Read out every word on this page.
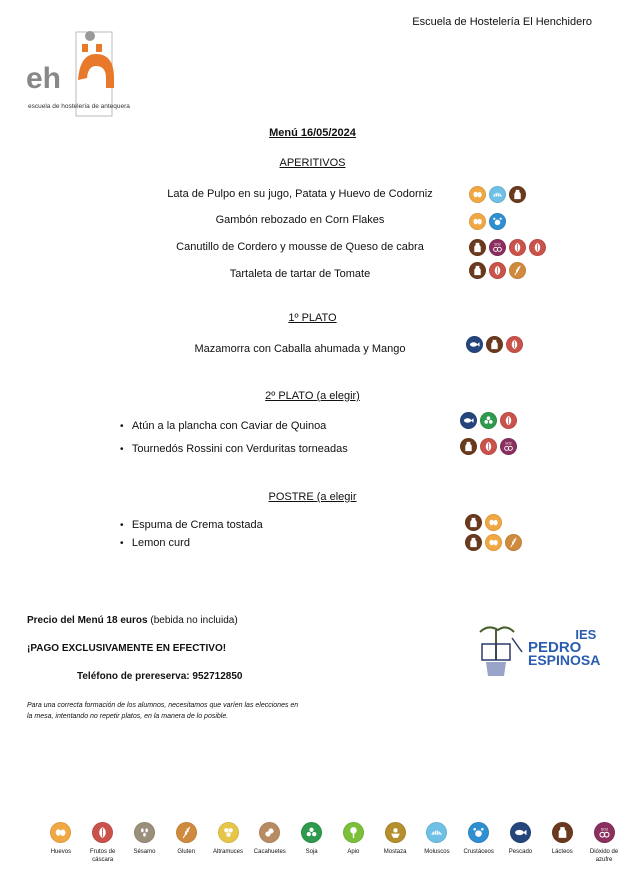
Escuela de Hostelería El Henchidero
eh
escuela de hostelería de antequera
Menú 16/05/2024
APERITIVOS
Lata de Pulpo en su jugo, Patata y Huevo de Codorniz
Gambón rebozado en Corn Flakes
Canutillo de Cordero y mousse de Queso de cabra	SO2
Tartaleta de tartar de Tomate
1º PLATO
Mazamorra con Caballa ahumada y Mango
2º PLATO (a elegir)
•   Atún a la plancha con Caviar de Quinoa
•   Tournedós Rossini con Verduritas torneadas	SO2
POSTRE (a elegir
•   Espuma de Crema tostada
•   Lemon curd
Precio del Menú 18 euros (bebida no incluida)
¡PAGO EXCLUSIVAMENTE EN EFECTIVO!
Teléfono de prereserva: 952712850
Para una correcta formación de los alumnos, necesitamos que varíen las elecciones en la mesa, intentando no repetir platos, en la manera de lo posible.
IES
PEDRO
ESPINOSA
Huevos	Frutos de cáscara
Sésamo	Gluten	Altramuces Cacahuetes	Soja	Apio	Mostaza	Moluscos Crustáceos Pescado	Lácteos
SO2
Dióxido de azufre
